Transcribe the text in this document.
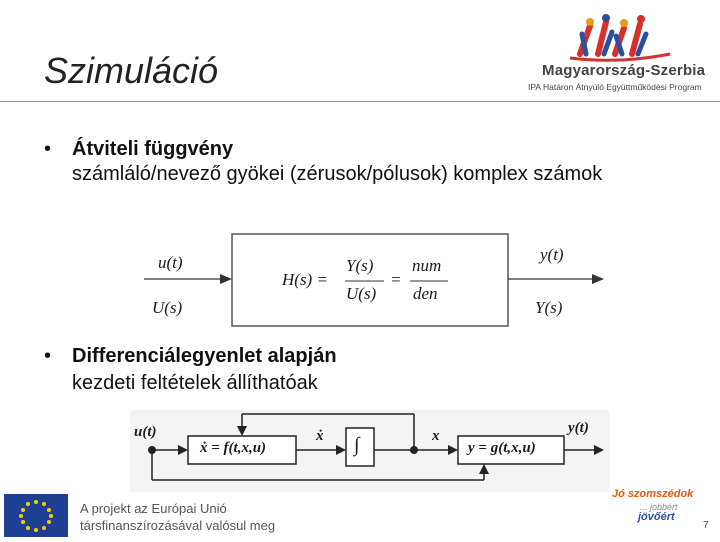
Szimuláció	Magyarország-Szerbia
IPA Határon Átnyúló Együttműködési Program
• Átviteli függvény
számláló/nevező gyökei (zérusok/pólusok) komplex számok
u(t)
U(s)
y(t)
Y(s)
H(s) =
Y(s)
U(s)
=
num
den
• Differenciálegyenlet alapján
kezdeti feltételek állíthatóak
u(t)
ẋ = f(t,x,u)
ẋ ∫	x
y = g(t,x,u)
y(t)
A projekt az Európai Unió
társfinanszírozásával valósul meg
Jó szomszédok
... jobbért
jövőért
7
